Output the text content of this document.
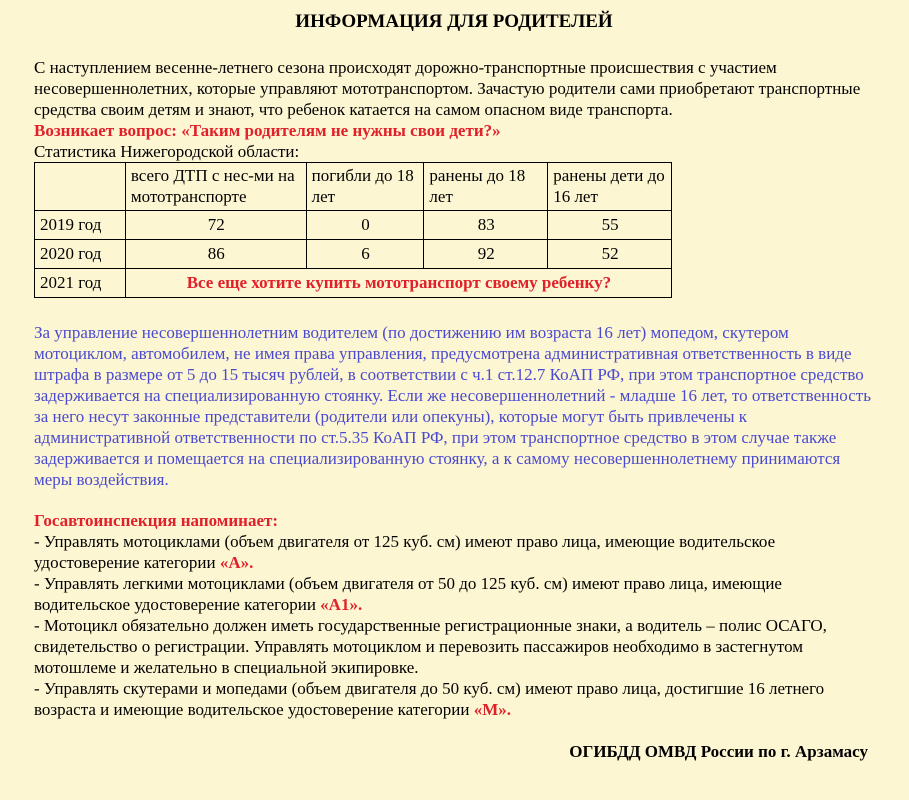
ИНФОРМАЦИЯ ДЛЯ РОДИТЕЛЕЙ

С наступлением весенне-летнего сезона происходят дорожно-транспортные происшествия с участием несовершеннолетних, которые управляют мототранспортом. Зачастую родители сами приобретают транспортные средства своим детям и знают, что ребенок катается на самом опасном виде транспорта.

Возникает вопрос: «Таким родителям не нужны свои дети?»

Статистика Нижегородской области:

	всего ДТП с нес-ми на мототранспорте	погибли до 18 лет	ранены до 18 лет	ранены дети до 16 лет
2019 год	72	0	83	55
2020 год	86	6	92	52
2021 год	Все еще хотите купить мототранспорт своему ребенку?			

За управление несовершеннолетним водителем (по достижению им возраста 16 лет) мопедом, скутером мотоциклом, автомобилем, не имея права управления, предусмотрена административная ответственность в виде штрафа в размере от 5 до 15 тысяч рублей, в соответствии с ч.1 ст.12.7 КоАП РФ, при этом транспортное средство задерживается на специализированную стоянку. Если же несовершеннолетний - младше 16 лет, то ответственность за него несут законные представители (родители или опекуны), которые могут быть привлечены к административной ответственности по ст.5.35 КоАП РФ, при этом транспортное средство в этом случае также задерживается и помещается на специализированную стоянку, а к самому несовершеннолетнему принимаются меры воздействия.

Госавтоинспекция напоминает:

- Управлять мотоциклами (объем двигателя от 125 куб. см) имеют право лица, имеющие водительское удостоверение категории «А».

- Управлять легкими мотоциклами (объем двигателя от 50 до 125 куб. см) имеют право лица, имеющие водительское удостоверение категории «А1».

- Мотоцикл обязательно должен иметь государственные регистрационные знаки, а водитель – полис ОСАГО, свидетельство о регистрации. Управлять мотоциклом и перевозить пассажиров необходимо в застегнутом мотошлеме и желательно в специальной экипировке.

- Управлять скутерами и мопедами (объем двигателя до 50 куб. см) имеют право лица, достигшие 16 летнего возраста и имеющие водительское удостоверение категории «М».

ОГИБДД ОМВД России по г. Арзамасу
